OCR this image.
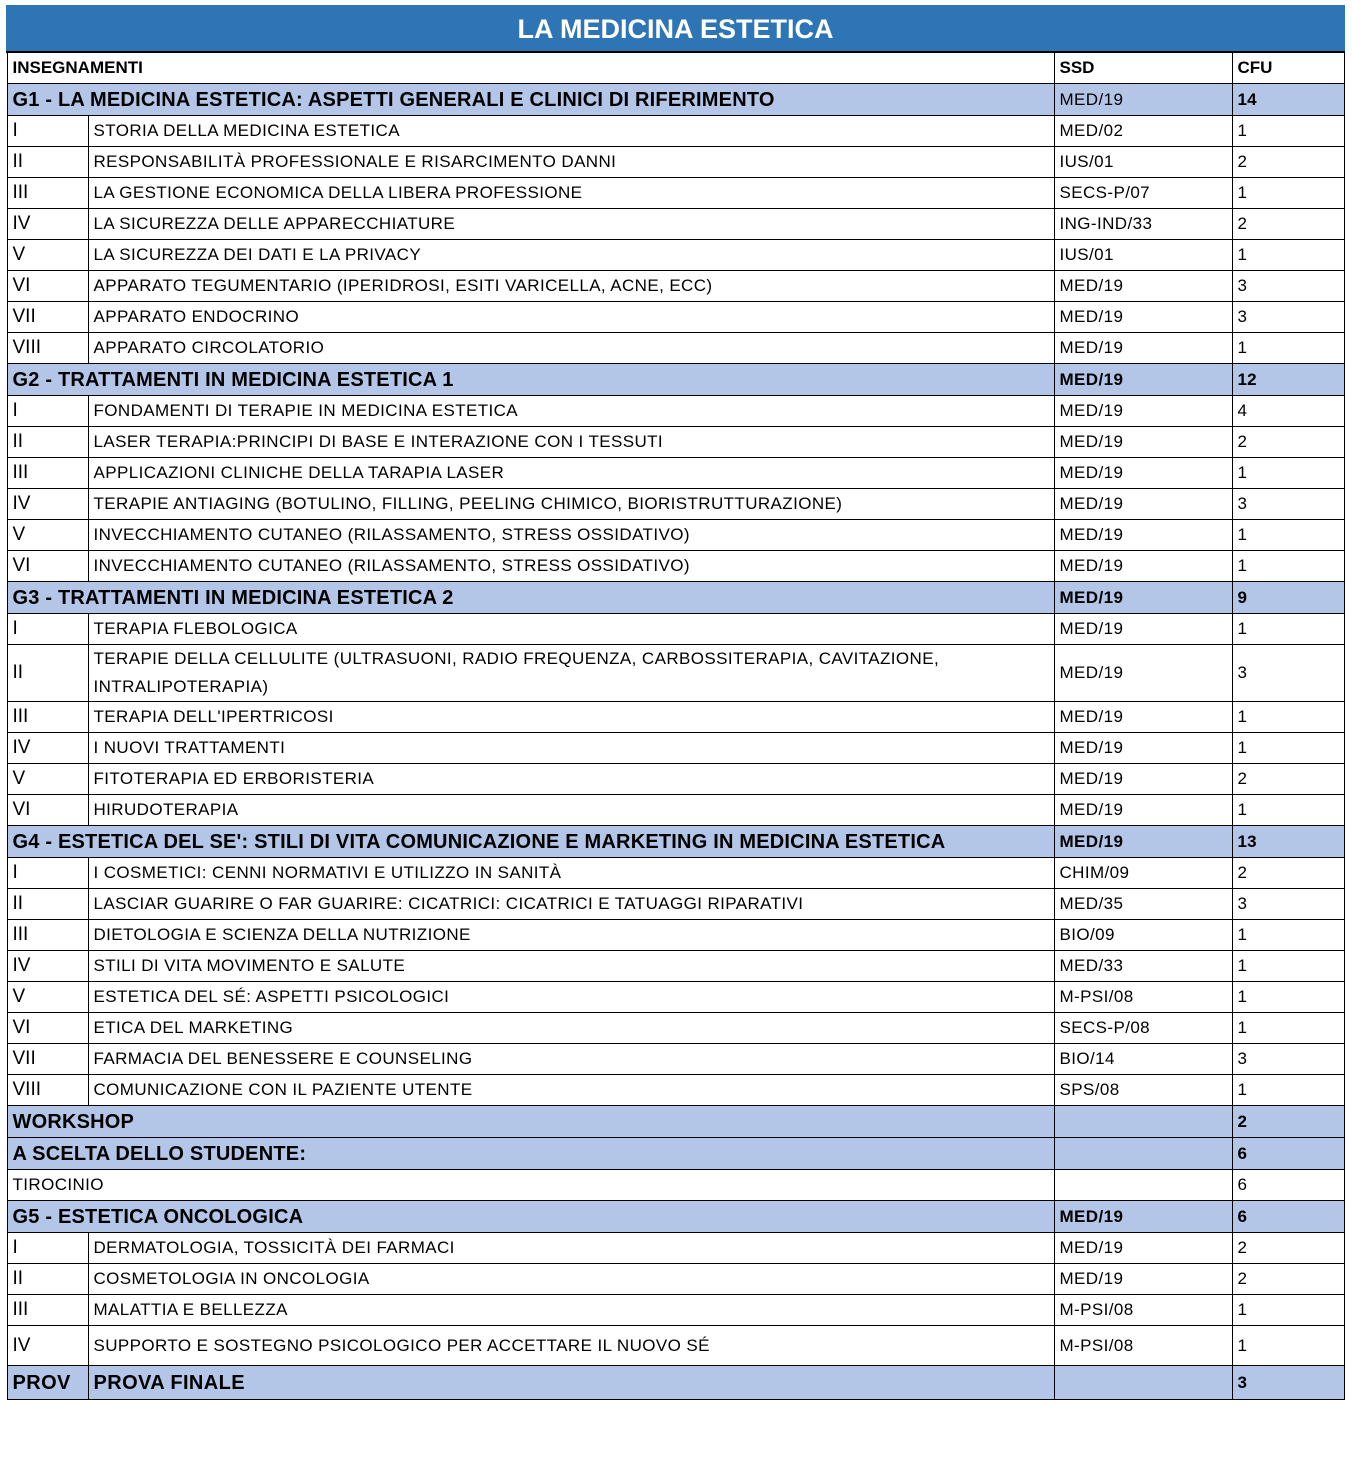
LA MEDICINA ESTETICA			
INSEGNAMENTI		SSD	CFU
G1 - LA MEDICINA ESTETICA: ASPETTI GENERALI E CLINICI DI RIFERIMENTO		MED/19	14
I	STORIA DELLA MEDICINA ESTETICA	MED/02	1
II	RESPONSABILITÀ PROFESSIONALE E RISARCIMENTO DANNI	IUS/01	2
III	LA GESTIONE ECONOMICA DELLA LIBERA PROFESSIONE	SECS-P/07	1
IV	LA SICUREZZA DELLE APPARECCHIATURE	ING-IND/33	2
V	LA SICUREZZA DEI DATI E LA PRIVACY	IUS/01	1
VI	APPARATO TEGUMENTARIO (IPERIDROSI, ESITI VARICELLA, ACNE, ECC)	MED/19	3
VII	APPARATO ENDOCRINO	MED/19	3
VIII	APPARATO CIRCOLATORIO	MED/19	1
G2 - TRATTAMENTI IN MEDICINA ESTETICA 1		MED/19	12
I	FONDAMENTI DI TERAPIE IN MEDICINA ESTETICA	MED/19	4
II	LASER TERAPIA:PRINCIPI DI BASE E INTERAZIONE CON I TESSUTI	MED/19	2
III	APPLICAZIONI CLINICHE DELLA TARAPIA LASER	MED/19	1
IV	TERAPIE ANTIAGING (BOTULINO, FILLING, PEELING CHIMICO, BIORISTRUTTURAZIONE)	MED/19	3
V	INVECCHIAMENTO CUTANEO (RILASSAMENTO, STRESS OSSIDATIVO)	MED/19	1
VI	INVECCHIAMENTO CUTANEO (RILASSAMENTO, STRESS OSSIDATIVO)	MED/19	1
G3 - TRATTAMENTI IN MEDICINA ESTETICA 2		MED/19	9
I	TERAPIA FLEBOLOGICA	MED/19	1
II	TERAPIE DELLA CELLULITE (ULTRASUONI, RADIO FREQUENZA, CARBOSSITERAPIA, CAVITAZIONE, INTRALIPOTERAPIA)	MED/19	3
III	TERAPIA DELL'IPERTRICOSI	MED/19	1
IV	I NUOVI TRATTAMENTI	MED/19	1
V	FITOTERAPIA ED ERBORISTERIA	MED/19	2
VI	HIRUDOTERAPIA	MED/19	1
G4 - ESTETICA DEL SE': STILI DI VITA COMUNICAZIONE E MARKETING IN MEDICINA ESTETICA		MED/19	13
I	I COSMETICI: CENNI NORMATIVI E UTILIZZO IN SANITÀ	CHIM/09	2
II	LASCIAR GUARIRE O FAR GUARIRE: CICATRICI: CICATRICI E TATUAGGI RIPARATIVI	MED/35	3
III	DIETOLOGIA E SCIENZA DELLA NUTRIZIONE	BIO/09	1
IV	STILI DI VITA MOVIMENTO E SALUTE	MED/33	1
V	ESTETICA DEL SÉ: ASPETTI PSICOLOGICI	M-PSI/08	1
VI	ETICA DEL MARKETING	SECS-P/08	1
VII	FARMACIA DEL BENESSERE E COUNSELING	BIO/14	3
VIII	COMUNICAZIONE CON IL PAZIENTE UTENTE	SPS/08	1
WORKSHOP			2
A SCELTA DELLO STUDENTE:			6
TIROCINIO			6
G5 - ESTETICA ONCOLOGICA		MED/19	6
I	DERMATOLOGIA, TOSSICITÀ DEI FARMACI	MED/19	2
II	COSMETOLOGIA IN ONCOLOGIA	MED/19	2
III	MALATTIA E BELLEZZA	M-PSI/08	1
IV	SUPPORTO E SOSTEGNO PSICOLOGICO PER ACCETTARE IL NUOVO SÉ	M-PSI/08	1
PROV	PROVA FINALE		3
